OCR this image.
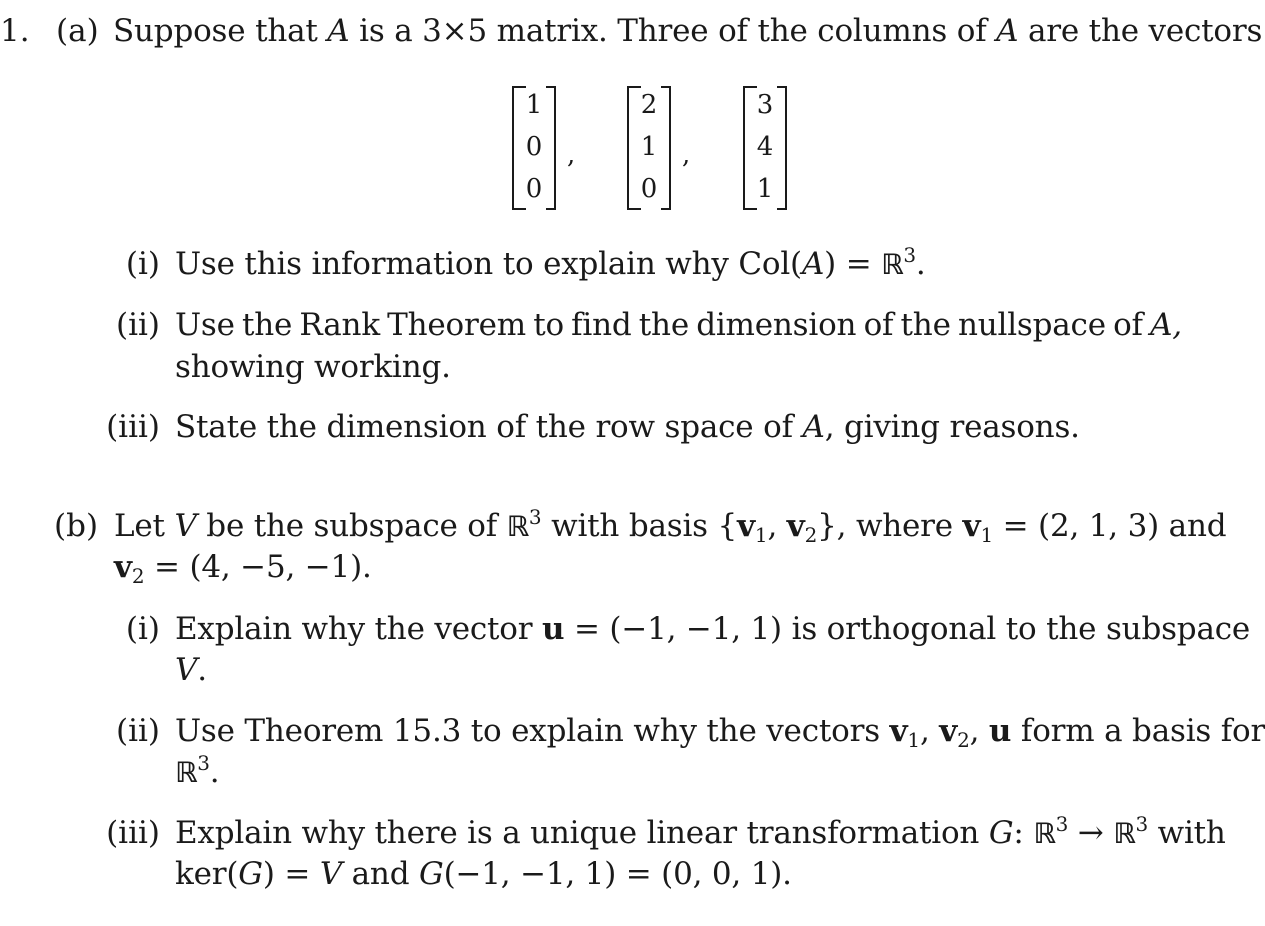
1. (a) Suppose that A is a 3×5 matrix. Three of the columns of A are the vectors
1
0
0
,
2
1
0
,
3
4
1
(i) Use this information to explain why Col(A) = ℝ$^3$.
(ii) Use the Rank Theorem to find the dimension of the nullspace of A,
showing working.
(iii) State the dimension of the row space of A, giving reasons.
(b) Let V be the subspace of ℝ$^3$ with basis {$v_1$, $v_2$}, where $v_1 = (2$, 1, 3) and
$v_2 = (4$, −5, −1).
(i) Explain why the vector u = (−1, −1, 1) is orthogonal to the subspace
V.
(ii) Use Theorem 15.3 to explain why the vectors $v_1$, $v_2$, u form a basis for
ℝ$^3$.
(iii) Explain why there is a unique linear transformation G: ℝ$^3$ → ℝ$^3$ with
ker(G) = V and G(−1, −1, 1) = (0, 0, 1).
